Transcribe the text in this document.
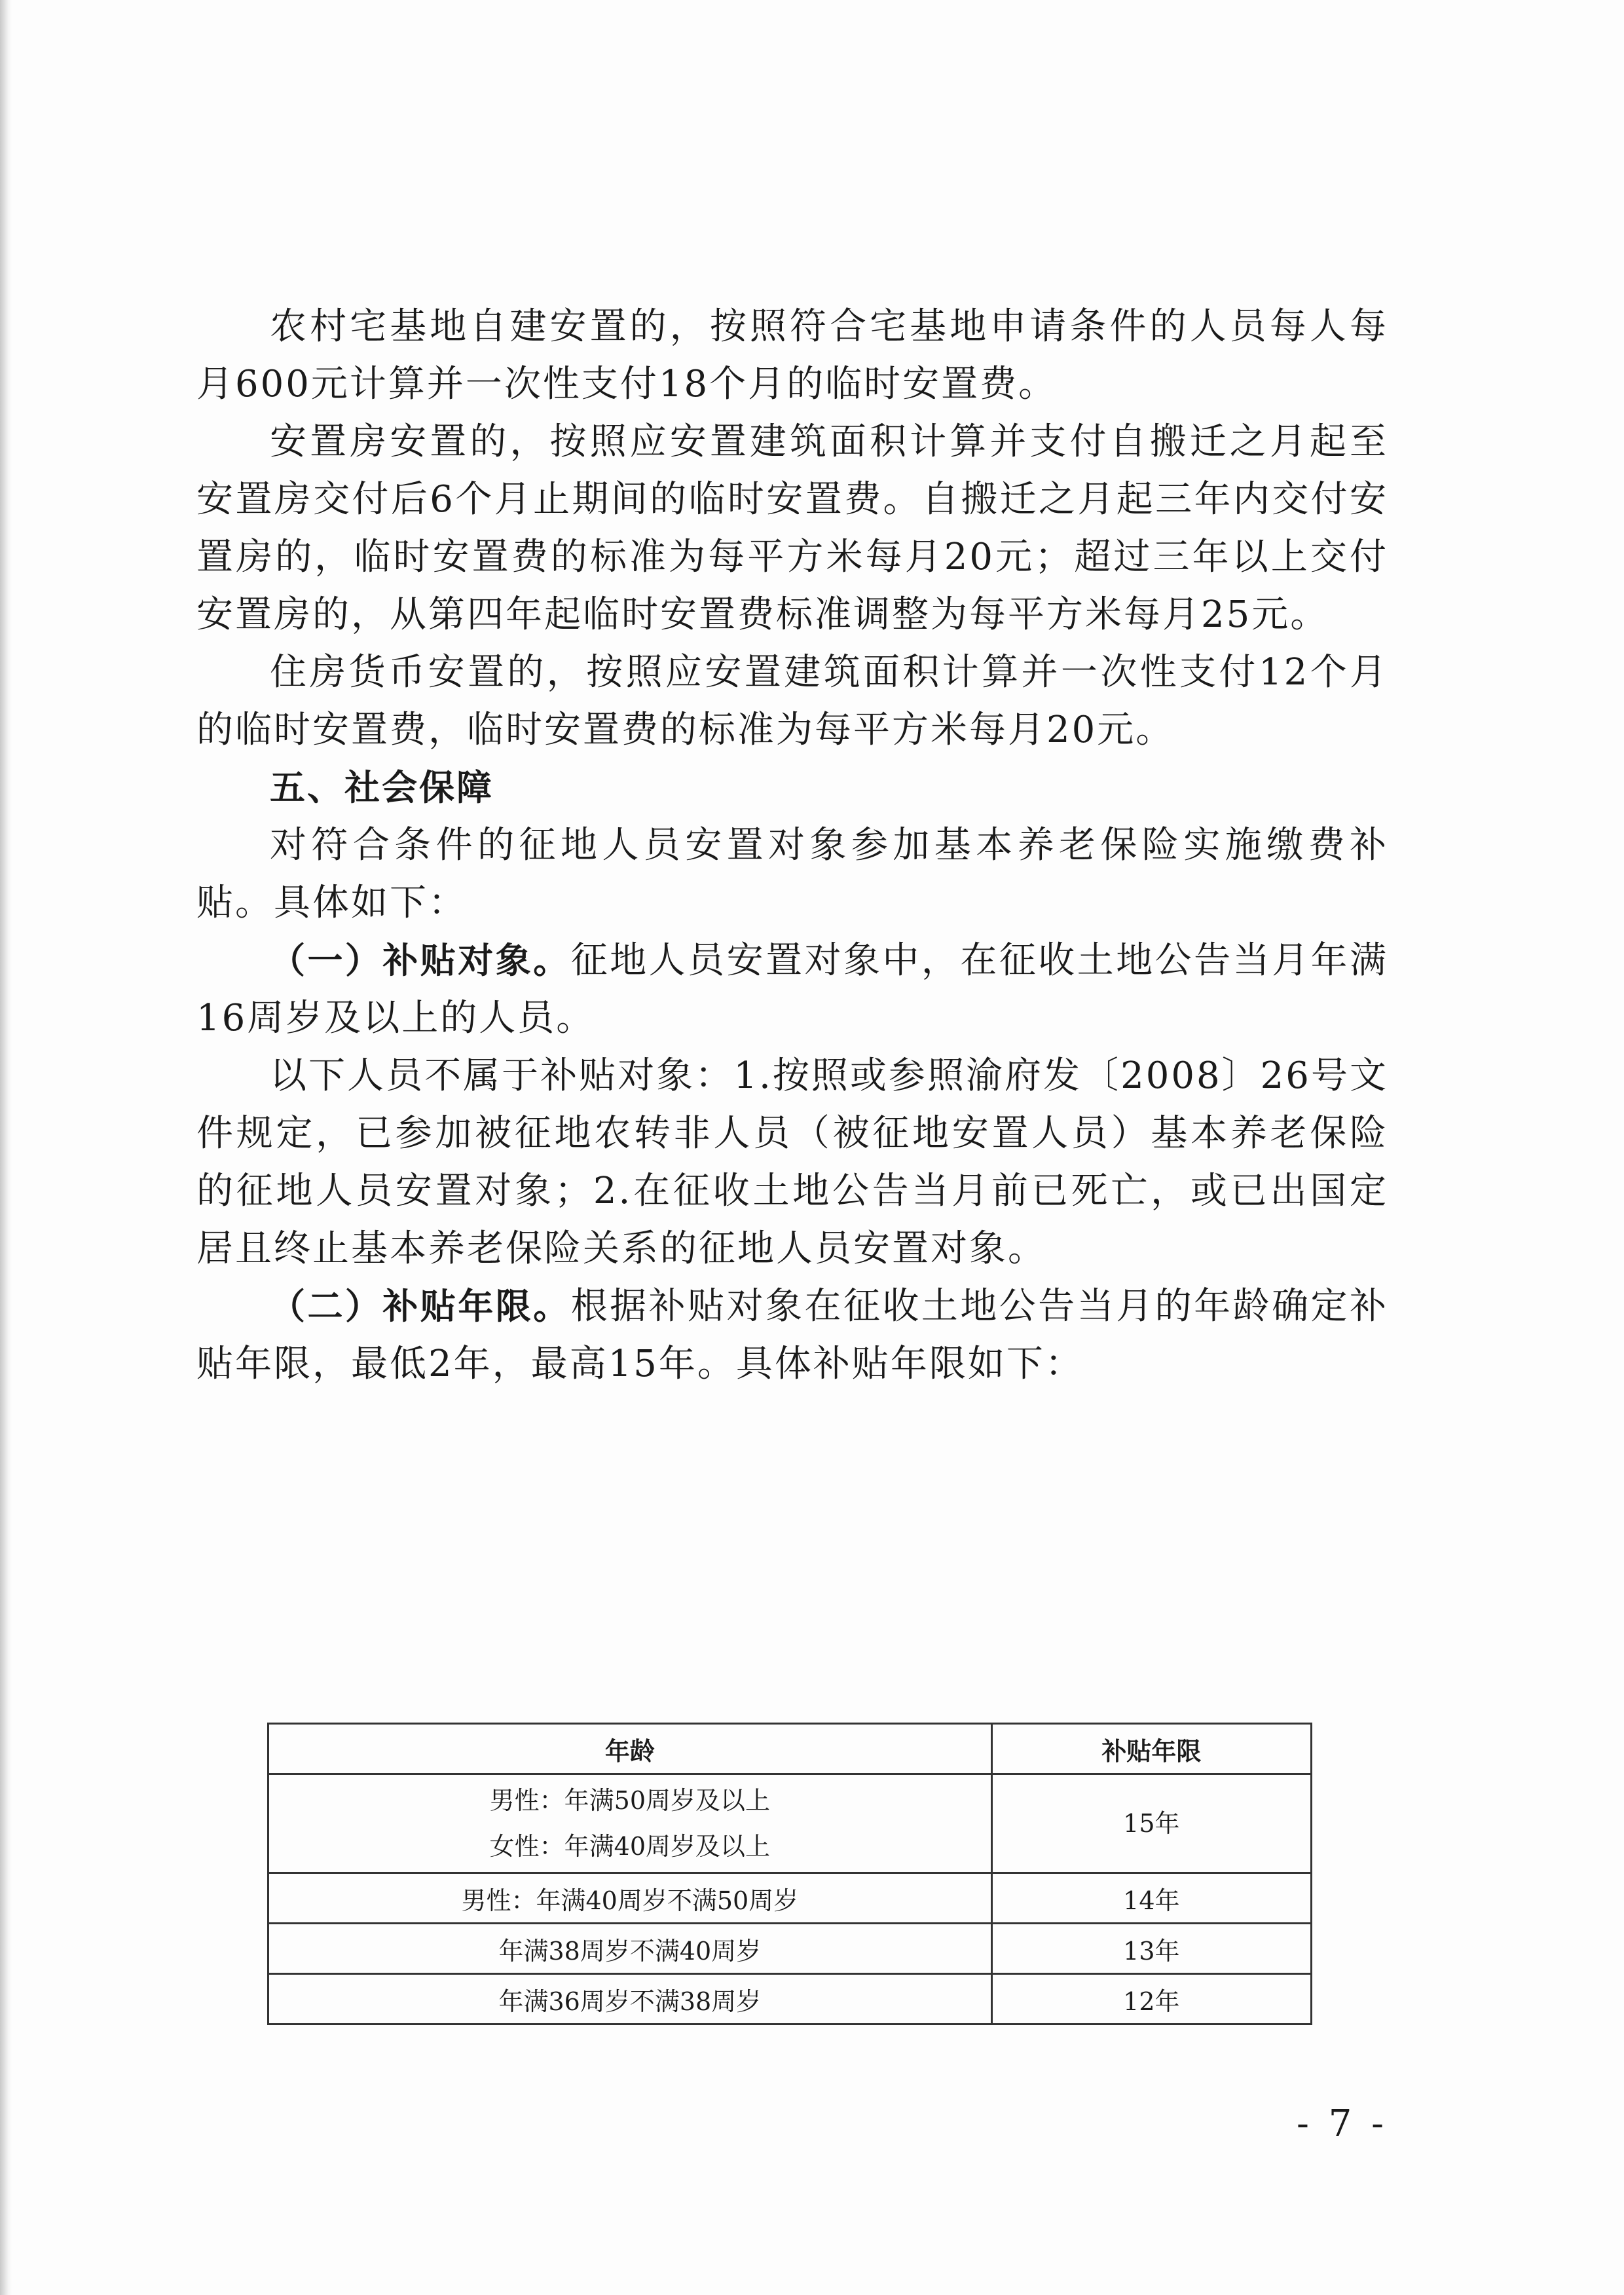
农村宅基地自建安置的，按照符合宅基地申请条件的人员每人每月600元计算并一次性支付18个月的临时安置费。

安置房安置的，按照应安置建筑面积计算并支付自搬迁之月起至安置房交付后6个月止期间的临时安置费。自搬迁之月起三年内交付安置房的，临时安置费的标准为每平方米每月20元；超过三年以上交付安置房的，从第四年起临时安置费标准调整为每平方米每月25元。

住房货币安置的，按照应安置建筑面积计算并一次性支付12个月的临时安置费，临时安置费的标准为每平方米每月20元。

五、社会保障

对符合条件的征地人员安置对象参加基本养老保险实施缴费补贴。具体如下：

（一）补贴对象。征地人员安置对象中，在征收土地公告当月年满16周岁及以上的人员。

以下人员不属于补贴对象：1.按照或参照渝府发〔2008〕26号文件规定，已参加被征地农转非人员（被征地安置人员）基本养老保险的征地人员安置对象；2.在征收土地公告当月前已死亡，或已出国定居且终止基本养老保险关系的征地人员安置对象。

（二）补贴年限。根据补贴对象在征收土地公告当月的年龄确定补贴年限，最低2年，最高15年。具体补贴年限如下：

年龄	补贴年限

男性：年满50周岁及以上
女性：年满40周岁及以上	15年
男性：年满40周岁不满50周岁	14年
年满38周岁不满40周岁	13年
年满36周岁不满38周岁	12年
- 7 -
